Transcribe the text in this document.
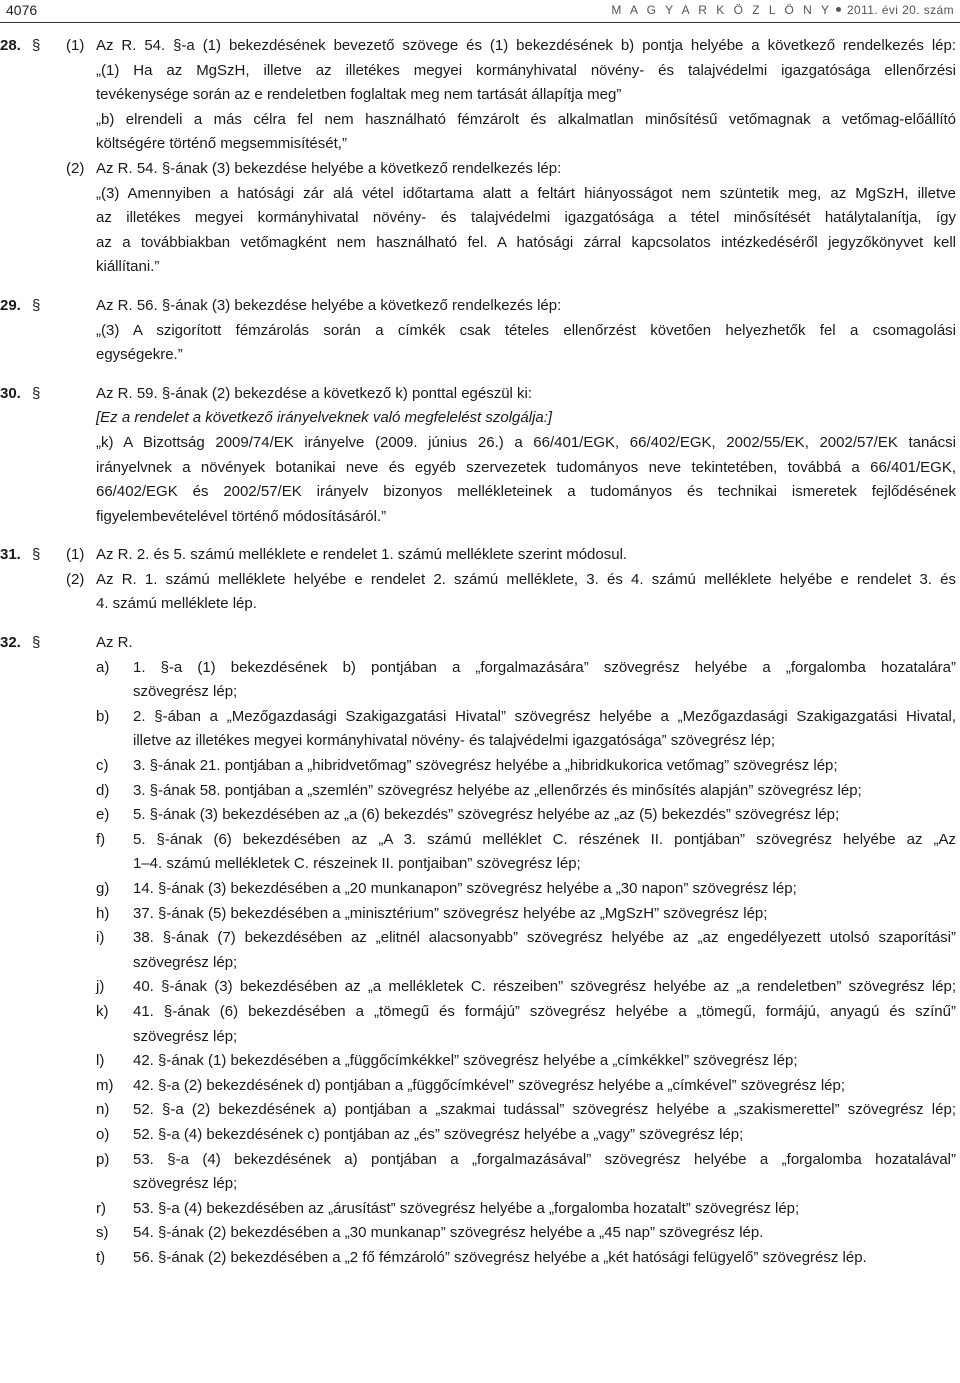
4076	M A G Y A R K Ö Z L Ö N Y 2011. évi 20. szám
28. § (1) Az R. 54. §-a (1) bekezdésének bevezető szövege és (1) bekezdésének b) pontja helyébe a következő rendelkezés lép:
„(1) Ha az MgSzH, illetve az illetékes megyei kormányhivatal növény- és talajvédelmi igazgatósága ellenőrzési
tevékenysége során az e rendeletben foglaltak meg nem tartását állapítja meg”
„b) elrendeli a más célra fel nem használható fémzárolt és alkalmatlan minősítésű vetőmagnak a vetőmag-előállító
költségére történő megsemmisítését,”
(2) Az R. 54. §-ának (3) bekezdése helyébe a következő rendelkezés lép:
„(3) Amennyiben a hatósági zár alá vétel időtartama alatt a feltárt hiányosságot nem szüntetik meg, az MgSzH, illetve
az illetékes megyei kormányhivatal növény- és talajvédelmi igazgatósága a tétel minősítését hatálytalanítja, így
az a továbbiakban vetőmagként nem használható fel. A hatósági zárral kapcsolatos intézkedéséről jegyzőkönyvet kell
kiállítani.”
29. §	Az R. 56. §-ának (3) bekezdése helyébe a következő rendelkezés lép:
„(3) A szigorított fémzárolás során a címkék csak tételes ellenőrzést követően helyezhetők fel a csomagolási
egységekre.”
30. §	Az R. 59. §-ának (2) bekezdése a következő k) ponttal egészül ki:
[Ez a rendelet a következő irányelveknek való megfelelést szolgálja:]
„k) A Bizottság 2009/74/EK irányelve (2009. június 26.) a 66/401/EGK, 66/402/EGK, 2002/55/EK, 2002/57/EK tanácsi
irányelvnek a növények botanikai neve és egyéb szervezetek tudományos neve tekintetében, továbbá a 66/401/EGK,
66/402/EGK és 2002/57/EK irányelv bizonyos mellékleteinek a tudományos és technikai ismeretek fejlődésének
figyelembevételével történő módosításáról.”
31. § (1) Az R. 2. és 5. számú melléklete e rendelet 1. számú melléklete szerint módosul.
(2) Az R. 1. számú melléklete helyébe e rendelet 2. számú melléklete, 3. és 4. számú melléklete helyébe e rendelet 3. és
4. számú melléklete lép.
32. §	Az R.
a) 1. §-a (1) bekezdésének b) pontjában a „forgalmazására” szövegrész helyébe a „forgalomba hozatalára”
szövegrész lép;
b) 2. §-ában a „Mezőgazdasági Szakigazgatási Hivatal” szövegrész helyébe a „Mezőgazdasági Szakigazgatási Hivatal,
illetve az illetékes megyei kormányhivatal növény- és talajvédelmi igazgatósága” szövegrész lép;
c) 3. §-ának 21. pontjában a „hibridvetőmag” szövegrész helyébe a „hibridkukorica vetőmag” szövegrész lép;
d) 3. §-ának 58. pontjában a „szemlén” szövegrész helyébe az „ellenőrzés és minősítés alapján” szövegrész lép;
e) 5. §-ának (3) bekezdésében az „a (6) bekezdés” szövegrész helyébe az „az (5) bekezdés” szövegrész lép;
f) 5. §-ának (6) bekezdésében az „A 3. számú melléklet C. részének II. pontjában” szövegrész helyébe az „Az
1–4. számú mellékletek C. részeinek II. pontjaiban” szövegrész lép;
g) 14. §-ának (3) bekezdésében a „20 munkanapon” szövegrész helyébe a „30 napon” szövegrész lép;
h) 37. §-ának (5) bekezdésében a „minisztérium” szövegrész helyébe az „MgSzH” szövegrész lép;
i) 38. §-ának (7) bekezdésében az „elitnél alacsonyabb” szövegrész helyébe az „az engedélyezett utolsó szaporítási”
szövegrész lép;
j) 40. §-ának (3) bekezdésében az „a mellékletek C. részeiben” szövegrész helyébe az „a rendeletben” szövegrész lép;
k) 41. §-ának (6) bekezdésében a „tömegű és formájú” szövegrész helyébe a „tömegű, formájú, anyagú és színű”
szövegrész lép;
l) 42. §-ának (1) bekezdésében a „függőcímkékkel” szövegrész helyébe a „címkékkel” szövegrész lép;
m) 42. §-a (2) bekezdésének d) pontjában a „függőcímkével” szövegrész helyébe a „címkével” szövegrész lép;
n) 52. §-a (2) bekezdésének a) pontjában a „szakmai tudással” szövegrész helyébe a „szakismerettel” szövegrész lép;
o) 52. §-a (4) bekezdésének c) pontjában az „és” szövegrész helyébe a „vagy” szövegrész lép;
p) 53. §-a (4) bekezdésének a) pontjában a „forgalmazásával” szövegrész helyébe a „forgalomba hozatalával”
szövegrész lép;
r) 53. §-a (4) bekezdésében az „árusítást” szövegrész helyébe a „forgalomba hozatalt” szövegrész lép;
s) 54. §-ának (2) bekezdésében a „30 munkanap” szövegrész helyébe a „45 nap” szövegrész lép.
t) 56. §-ának (2) bekezdésében a „2 fő fémzároló” szövegrész helyébe a „két hatósági felügyelő” szövegrész lép.
